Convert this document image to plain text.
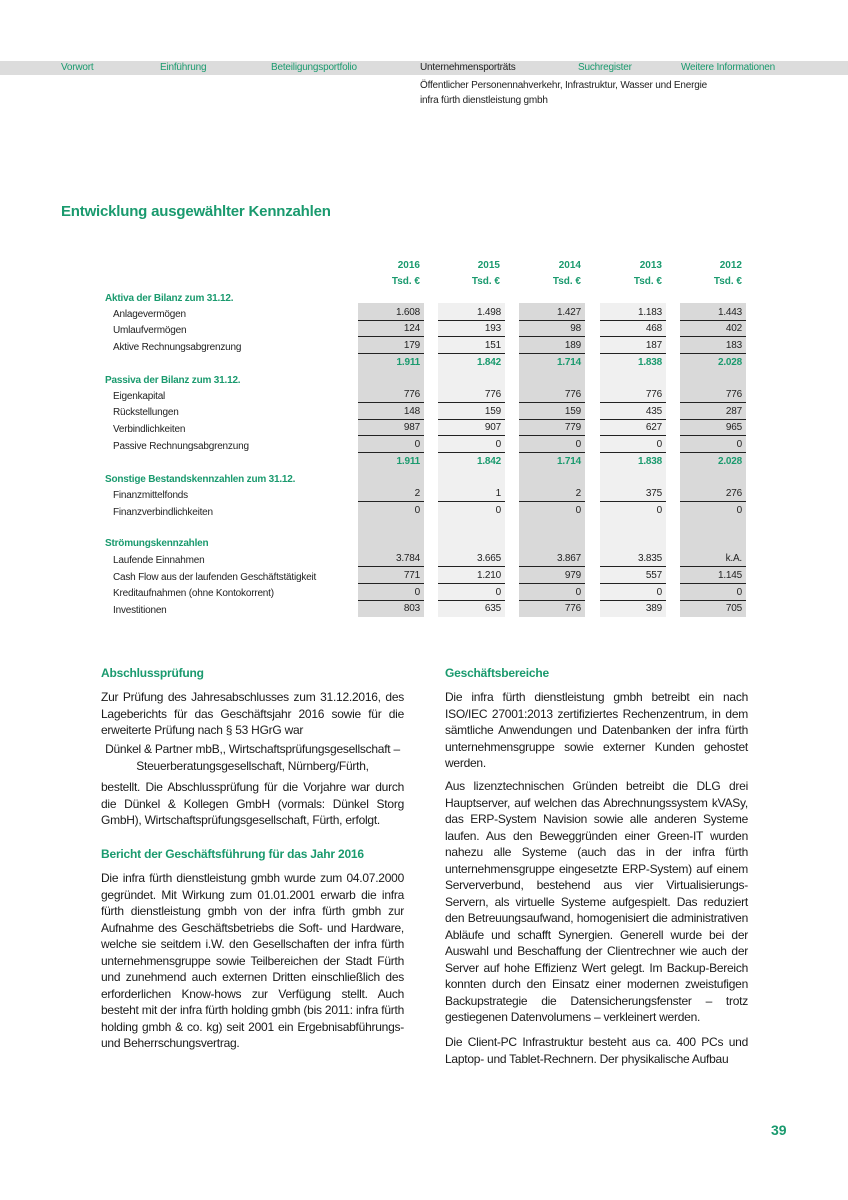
Vorwort	Einführung	Beteiligungsportfolio	Unternehmensporträts	Suchregister	Weitere Informationen
Öffentlicher Personennahverkehr, Infrastruktur, Wasser und Energie
infra fürth dienstleistung gmbh
Entwicklung ausgewählter Kennzahlen
2016	2015	2014	2013	2012
Tsd. €	Tsd. €	Tsd. €	Tsd. €	Tsd. €
Aktiva der Bilanz zum 31.12.
Anlagevermögen	1.608	1.498	1.427	1.183	1.443
Umlaufvermögen	124	193	98	468	402
Aktive Rechnungsabgrenzung	179	151	189	187	183
1.911	1.842	1.714	1.838	2.028
Passiva der Bilanz zum 31.12.
Eigenkapital	776	776	776	776	776
Rückstellungen	148	159	159	435	287
Verbindlichkeiten	987	907	779	627	965
Passive Rechnungsabgrenzung	0	0	0	0	0
1.911	1.842	1.714	1.838	2.028
Sonstige Bestandskennzahlen zum 31.12.
Finanzmittelfonds	2	1	2	375	276
Finanzverbindlichkeiten	0	0	0	0	0
Strömungskennzahlen
Laufende Einnahmen	3.784	3.665	3.867	3.835	k.A.
Cash Flow aus der laufenden Geschäftstätigkeit	771	1.210	979	557	1.145
Kreditaufnahmen (ohne Kontokorrent)	0	0	0	0	0
Investitionen	803	635	776	389	705
Abschlussprüfung
Zur Prüfung des Jahresabschlusses zum 31.12.2016, des Lageberichts für das Geschäftsjahr 2016 sowie für die erweiterte Prüfung nach § 53 HGrG war
Dünkel & Partner mbB,, Wirtschaftsprüfungsgesellschaft –
Steuerberatungsgesellschaft, Nürnberg/Fürth,
bestellt. Die Abschlussprüfung für die Vorjahre war durch die Dünkel & Kollegen GmbH (vormals: Dünkel Storg GmbH), Wirtschaftsprüfungsgesellschaft, Fürth, erfolgt.
Bericht der Geschäftsführung für das Jahr 2016
Die infra fürth dienstleistung gmbh wurde zum 04.07.2000 gegründet. Mit Wirkung zum 01.01.2001 erwarb die infra fürth dienstleistung gmbh von der infra fürth gmbh zur Aufnahme des Geschäftsbetriebs die Soft- und Hardware, welche sie seitdem i.W. den Gesellschaften der infra fürth unternehmensgruppe sowie Teilbereichen der Stadt Fürth und zunehmend auch externen Dritten einschließlich des erforderlichen Know-hows zur Verfügung stellt. Auch besteht mit der infra fürth holding gmbh (bis 2011: infra fürth holding gmbh & co. kg) seit 2001 ein Ergebnisabführungs- und Beherrschungsvertrag.
Geschäftsbereiche
Die infra fürth dienstleistung gmbh betreibt ein nach ISO/IEC 27001:2013 zertifiziertes Rechenzentrum, in dem sämtliche Anwendungen und Datenbanken der infra fürth unternehmensgruppe sowie externer Kunden gehostet werden.
Aus lizenztechnischen Gründen betreibt die DLG drei Hauptserver, auf welchen das Abrechnungssystem kVASy, das ERP-System Navision sowie alle anderen Systeme laufen. Aus den Beweggründen einer Green-IT wurden nahezu alle Systeme (auch das in der infra fürth unternehmensgruppe eingesetzte ERP-System) auf einem Serververbund, bestehend aus vier Virtualisierungs-Servern, als virtuelle Systeme aufgespielt. Das reduziert den Betreuungsaufwand, homogenisiert die administrativen Abläufe und schafft Synergien. Generell wurde bei der Auswahl und Beschaffung der Clientrechner wie auch der Server auf hohe Effizienz Wert gelegt. Im Backup-Bereich konnten durch den Einsatz einer modernen zweistufigen Backupstrategie die Datensicherungsfenster – trotz gestiegenen Datenvolumens – verkleinert werden.
Die Client-PC Infrastruktur besteht aus ca. 400 PCs und Laptop- und Tablet-Rechnern. Der physikalische Aufbau
39
